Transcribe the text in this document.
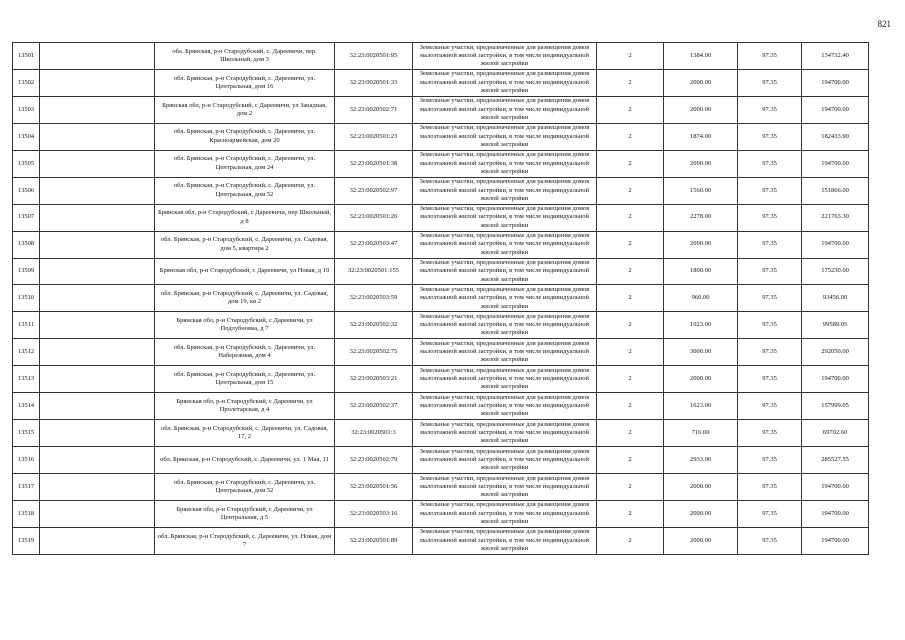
821
13501		обл. Брянская, р-н Стародубский, с. Дареевичи, пер. Школьный, дом 3	32:23:0020501:95	Земельные участки, предназначенные для размещения домов малоэтажной жилой застройки, в том числе индивидуальной жилой застройки	2	1384.00	97.35	134732.40
13502		обл. Брянская, р-н Стародубский, с. Дареевичи, ул. Центральная, дом 16	32:23:0020501:33	Земельные участки, предназначенные для размещения домов малоэтажной жилой застройки, в том числе индивидуальной жилой застройки	2	2000.00	97.35	194700.00
13503		Брянская обл, р-н Стародубский, с Дареевичи, ул Западная, дом 2	32:23:0020502:71	Земельные участки, предназначенные для размещения домов малоэтажной жилой застройки, в том числе индивидуальной жилой застройки	2	2000.00	97.35	194700.00
13504		обл. Брянская, р-н Стародубский, с. Дареевичи, ул. Красноармейская, дом 20	32:23:0020501:23	Земельные участки, предназначенные для размещения домов малоэтажной жилой застройки, в том числе индивидуальной жилой застройки	2	1874.00	97.35	182433.90
13505		обл. Брянская, р-н Стародубский, с. Дареевичи, ул. Центральная, дом 24	32:23:0020501:38	Земельные участки, предназначенные для размещения домов малоэтажной жилой застройки, в том числе индивидуальной жилой застройки	2	2000.00	97.35	194700.00
13506		обл. Брянская, р-н Стародубский, с. Дареевичи, ул. Центральная, дом 52	32:23:0020502:97	Земельные участки, предназначенные для размещения домов малоэтажной жилой застройки, в том числе индивидуальной жилой застройки	2	1560.00	97.35	151866.00
13507		Брянская обл, р-н Стародубский, с Дареевичи, пер Школьный, д 8	32:23:0020501:26	Земельные участки, предназначенные для размещения домов малоэтажной жилой застройки, в том числе индивидуальной жилой застройки	2	2278.00	97.35	221763.30
13508		обл. Брянская, р-н Стародубский, с. Дареевичи, ул. Садовая, дом 5, квартира 2	32:23:0020503:47	Земельные участки, предназначенные для размещения домов малоэтажной жилой застройки, в том числе индивидуальной жилой застройки	2	2000.00	97.35	194700.00
13509		Брянская обл, р-н Стародубский, с Дареевичи, ул Новая, д 10	32:23:0020501:155	Земельные участки, предназначенные для размещения домов малоэтажной жилой застройки, в том числе индивидуальной жилой застройки	2	1800.00	97.35	175230.00
13510		обл. Брянская, р-н Стародубский, с. Дареевичи, ул. Садовая, дом 19, кв 2	32:23:0020503:59	Земельные участки, предназначенные для размещения домов малоэтажной жилой застройки, в том числе индивидуальной жилой застройки	2	960.00	97.35	93456.00
13511		Брянская обл, р-н Стародубский, с Дареевичи, ул Подлубновка, д 7	32:23:0020502:32	Земельные участки, предназначенные для размещения домов малоэтажной жилой застройки, в том числе индивидуальной жилой застройки	2	1023.00	97.35	99589.05
13512		обл. Брянская, р-н Стародубский, с. Дареевичи, ул. Набережная, дом 4	32:23:0020502:75	Земельные участки, предназначенные для размещения домов малоэтажной жилой застройки, в том числе индивидуальной жилой застройки	2	3000.00	97.35	292050.00
13513		обл. Брянская, р-н Стародубский, с. Дареевичи, ул. Центральная, дом 15	32:23:0020503:21	Земельные участки, предназначенные для размещения домов малоэтажной жилой застройки, в том числе индивидуальной жилой застройки	2	2000.00	97.35	194700.00
13514		Брянская обл, р-н Стародубский, с Дареевичи, ул Пролетарская, д 4	32:23:0020502:37	Земельные участки, предназначенные для размещения домов малоэтажной жилой застройки, в том числе индивидуальной жилой застройки	2	1623.00	97.35	157999.05
13515		обл. Брянская, р-н Стародубский, с. Дареевичи, ул. Садовая, 17, 2	32:23:0020501:3	Земельные участки, предназначенные для размещения домов малоэтажной жилой застройки, в том числе индивидуальной жилой застройки	2	716.00	97.35	69702.60
13516		обл. Брянская, р-н Стародубский, с. Дареевичи, ул. 1 Мая, 11	32:23:0020502:79	Земельные участки, предназначенные для размещения домов малоэтажной жилой застройки, в том числе индивидуальной жилой застройки	2	2933.00	97.35	285527.55
13517		обл. Брянская, р-н Стародубский, с. Дареевичи, ул. Центральная, дом 52	32:23:0020501:56	Земельные участки, предназначенные для размещения домов малоэтажной жилой застройки, в том числе индивидуальной жилой застройки	2	2000.00	97.35	194700.00
13518		Брянская обл, р-н Стародубский, с Дареевичи, ул Центральная, д 5	32:23:0020503:16	Земельные участки, предназначенные для размещения домов малоэтажной жилой застройки, в том числе индивидуальной жилой застройки	2	2000.00	97.35	194700.00
13519		обл. Брянская, р-н Стародубский, с. Дареевичи, ул. Новая, дом 7	32:23:0020501:89	Земельные участки, предназначенные для размещения домов малоэтажной жилой застройки, в том числе индивидуальной жилой застройки	2	2000.00	97.35	194700.00
